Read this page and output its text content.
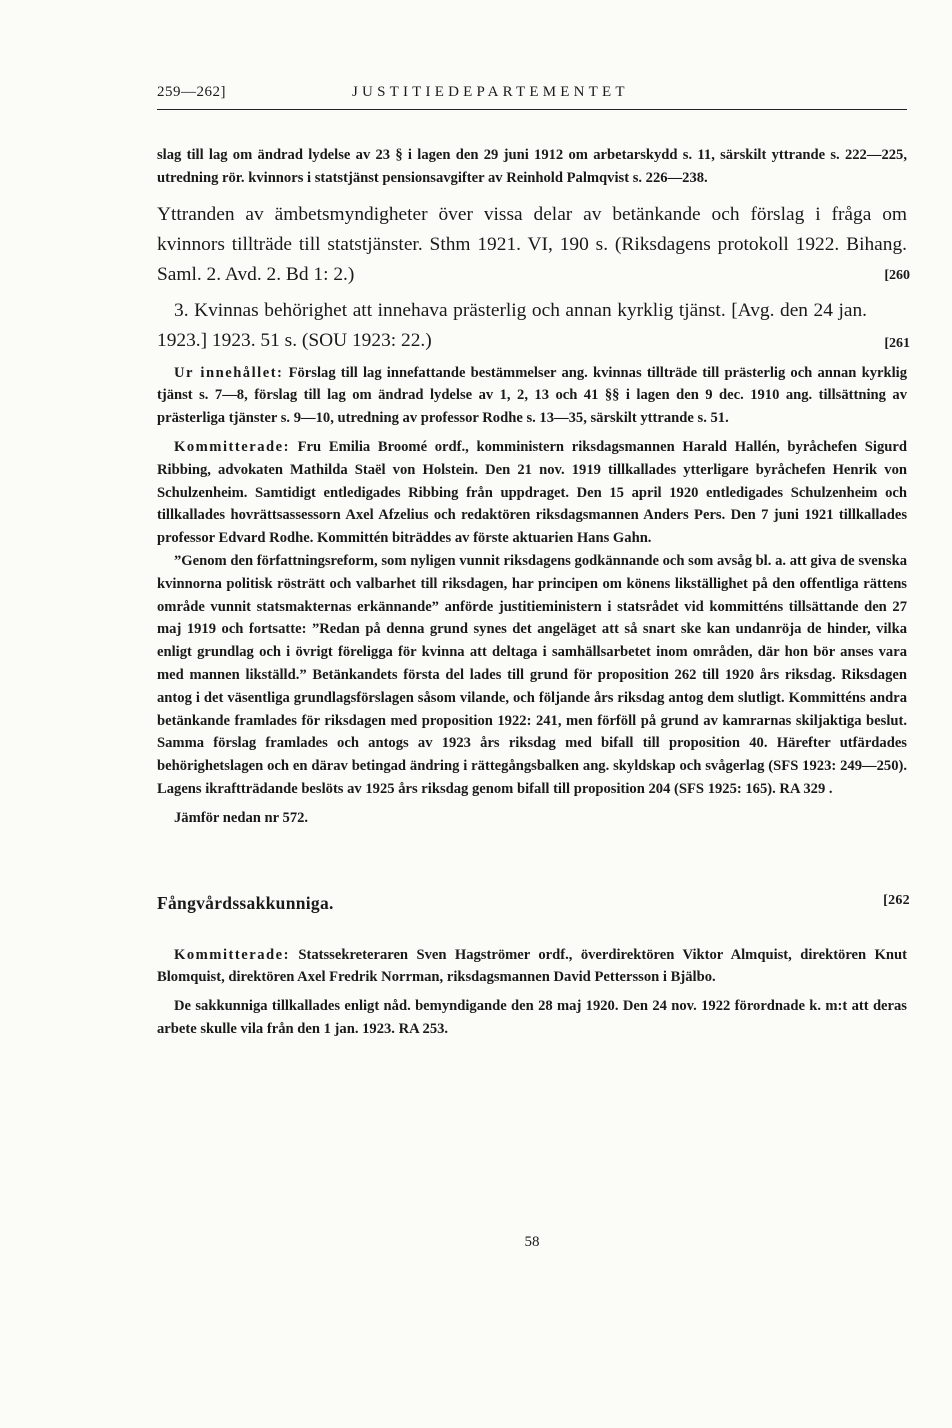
259—262]	JUSTITIEDEPARTEMENTET

slag till lag om ändrad lydelse av 23 § i lagen den 29 juni 1912 om arbetarskydd s. 11, särskilt yttrande s. 222—225, utredning rör. kvinnors i statstjänst pensionsavgifter av Reinhold Palmqvist s. 226—238.

Yttranden av ämbetsmyndigheter över vissa delar av betänkande och förslag i fråga om kvinnors tillträde till statstjänster. Sthm 1921. VI, 190 s. (Riksdagens protokoll 1922. Bihang. Saml. 2. Avd. 2. Bd 1: 2.)	[260

3. Kvinnas behörighet att innehava prästerlig och annan kyrklig tjänst. [Avg. den 24 jan. 1923.] 1923. 51 s. (SOU 1923: 22.)	[261

Ur innehållet: Förslag till lag innefattande bestämmelser ang. kvinnas tillträde till prästerlig och annan kyrklig tjänst s. 7—8, förslag till lag om ändrad lydelse av 1, 2, 13 och 41 §§ i lagen den 9 dec. 1910 ang. tillsättning av prästerliga tjänster s. 9—10, utredning av professor Rodhe s. 13—35, särskilt yttrande s. 51.

Kommitterade: Fru Emilia Broomé ordf., komministern riksdagsmannen Harald Hallén, byråchefen Sigurd Ribbing, advokaten Mathilda Staël von Holstein. Den 21 nov. 1919 tillkallades ytterligare byråchefen Henrik von Schulzenheim. Samtidigt entledigades Ribbing från uppdraget. Den 15 april 1920 entledigades Schulzenheim och tillkallades hovrättsassessorn Axel Afzelius och redaktören riksdagsmannen Anders Pers. Den 7 juni 1921 tillkallades professor Edvard Rodhe. Kommittén biträddes av förste aktuarien Hans Gahn.

”Genom den författningsreform, som nyligen vunnit riksdagens godkännande och som avsåg bl. a. att giva de svenska kvinnorna politisk rösträtt och valbarhet till riksdagen, har principen om könens likställighet på den offentliga rättens område vunnit statsmakternas erkännande” anförde justitieministern i statsrådet vid kommitténs tillsättande den 27 maj 1919 och fortsatte: ”Redan på denna grund synes det angeläget att så snart ske kan undanröja de hinder, vilka enligt grundlag och i övrigt föreligga för kvinna att deltaga i samhällsarbetet inom områden, där hon bör anses vara med mannen likställd.” Betänkandets första del lades till grund för proposition 262 till 1920 års riksdag. Riksdagen antog i det väsentliga grundlagsförslagen såsom vilande, och följande års riksdag antog dem slutligt. Kommitténs andra betänkande framlades för riksdagen med proposition 1922: 241, men förföll på grund av kamrarnas skiljaktiga beslut. Samma förslag framlades och antogs av 1923 års riksdag med bifall till proposition 40. Härefter utfärdades behörighetslagen och en därav betingad ändring i rättegångsbalken ang. skyldskap och svågerlag (SFS 1923: 249—250). Lagens ikraftträdande beslöts av 1925 års riksdag genom bifall till proposition 204 (SFS 1925: 165). RA 329 .

Jämför nedan nr 572.

Fångvårdssakkunniga.	[262

Kommitterade: Statssekreteraren Sven Hagströmer ordf., överdirektören Viktor Almquist, direktören Knut Blomquist, direktören Axel Fredrik Norrman, riksdagsmannen David Pettersson i Bjälbo.

De sakkunniga tillkallades enligt nåd. bemyndigande den 28 maj 1920. Den 24 nov. 1922 förordnade k. m:t att deras arbete skulle vila från den 1 jan. 1923. RA 253.

58
